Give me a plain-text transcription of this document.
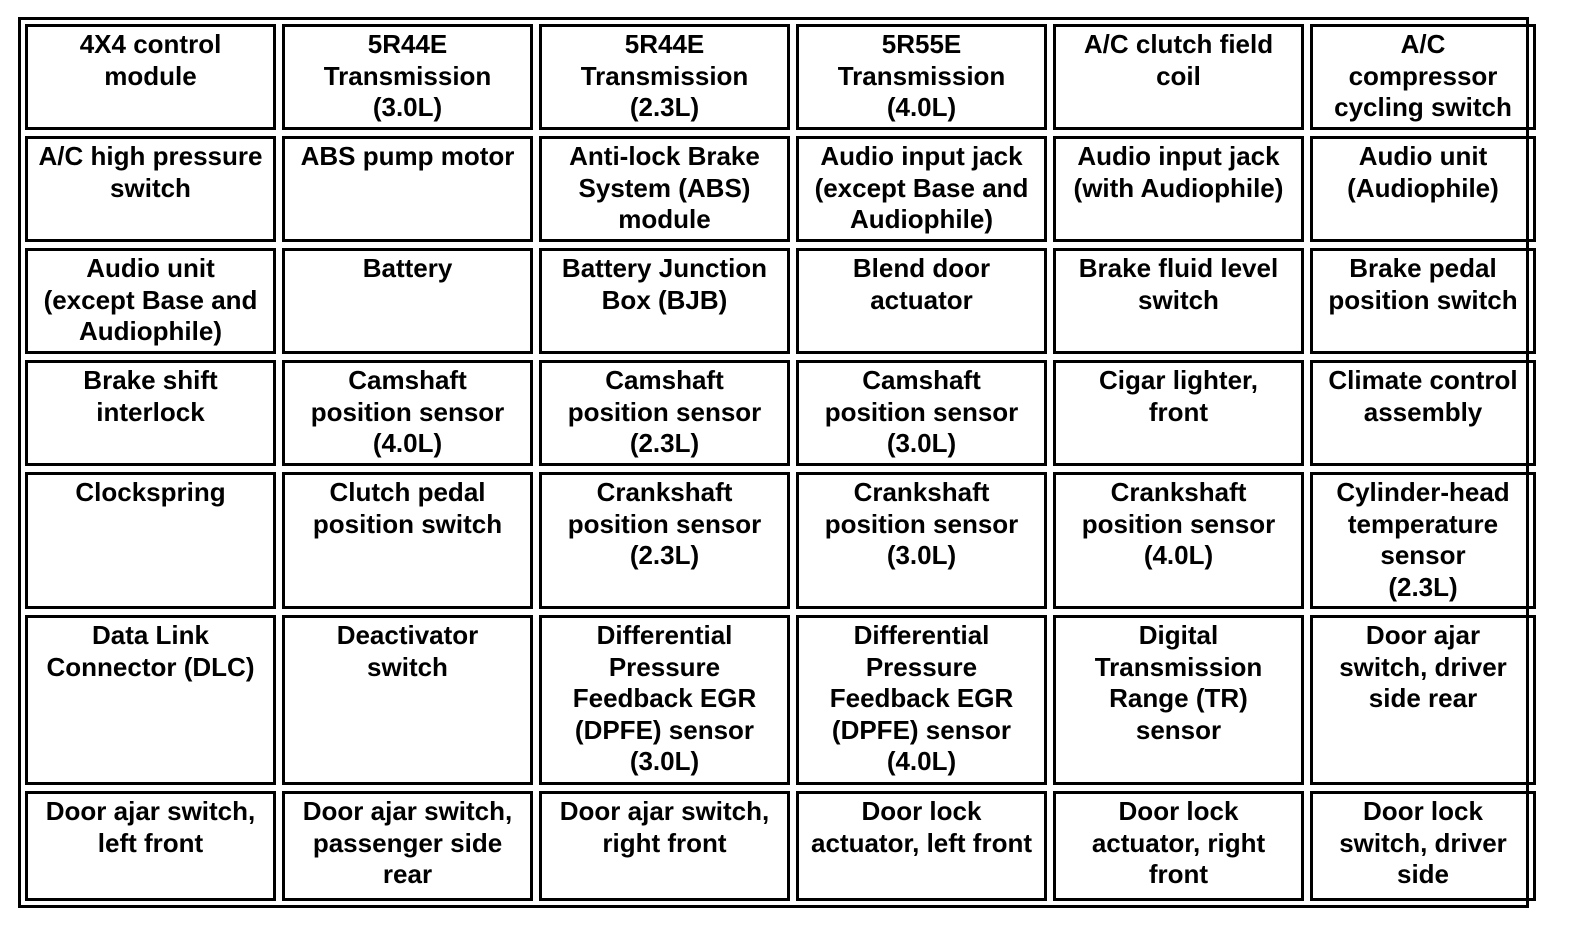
4X4 control
module
5R44E
Transmission
(3.0L)
5R44E
Transmission
(2.3L)
5R55E
Transmission
(4.0L)
A/C clutch field
coil
A/C
compressor
cycling switch
A/C high pressure
switch
ABS pump motor Anti-lock Brake
System (ABS)
module
Audio input jack
(except Base and
Audiophile)
Audio input jack
(with Audiophile)
Audio unit
(Audiophile)
Audio unit
(except Base and
Audiophile)
Battery	Battery Junction
Box (BJB)
Blend door
actuator
Brake fluid level
switch
Brake pedal
position switch
Brake shift
interlock
Camshaft
position sensor
(4.0L)
Camshaft
position sensor
(2.3L)
Camshaft
position sensor
(3.0L)
Cigar lighter,
front
Climate control
assembly
Clockspring	Clutch pedal
position switch
Crankshaft
position sensor
(2.3L)
Crankshaft
position sensor
(3.0L)
Crankshaft
position sensor
(4.0L)
Cylinder-head
temperature
sensor
(2.3L)
Data Link
Connector (DLC)
Deactivator
switch
Differential
Pressure
Feedback EGR
(DPFE) sensor
(3.0L)
Differential
Pressure
Feedback EGR
(DPFE) sensor
(4.0L)
Digital
Transmission
Range (TR)
sensor
Door ajar
switch, driver
side rear
Door ajar switch,
left front
Door ajar switch,
passenger side
rear
Door ajar switch,
right front
Door lock
actuator, left front
Door lock
actuator, right
front
Door lock
switch, driver
side
